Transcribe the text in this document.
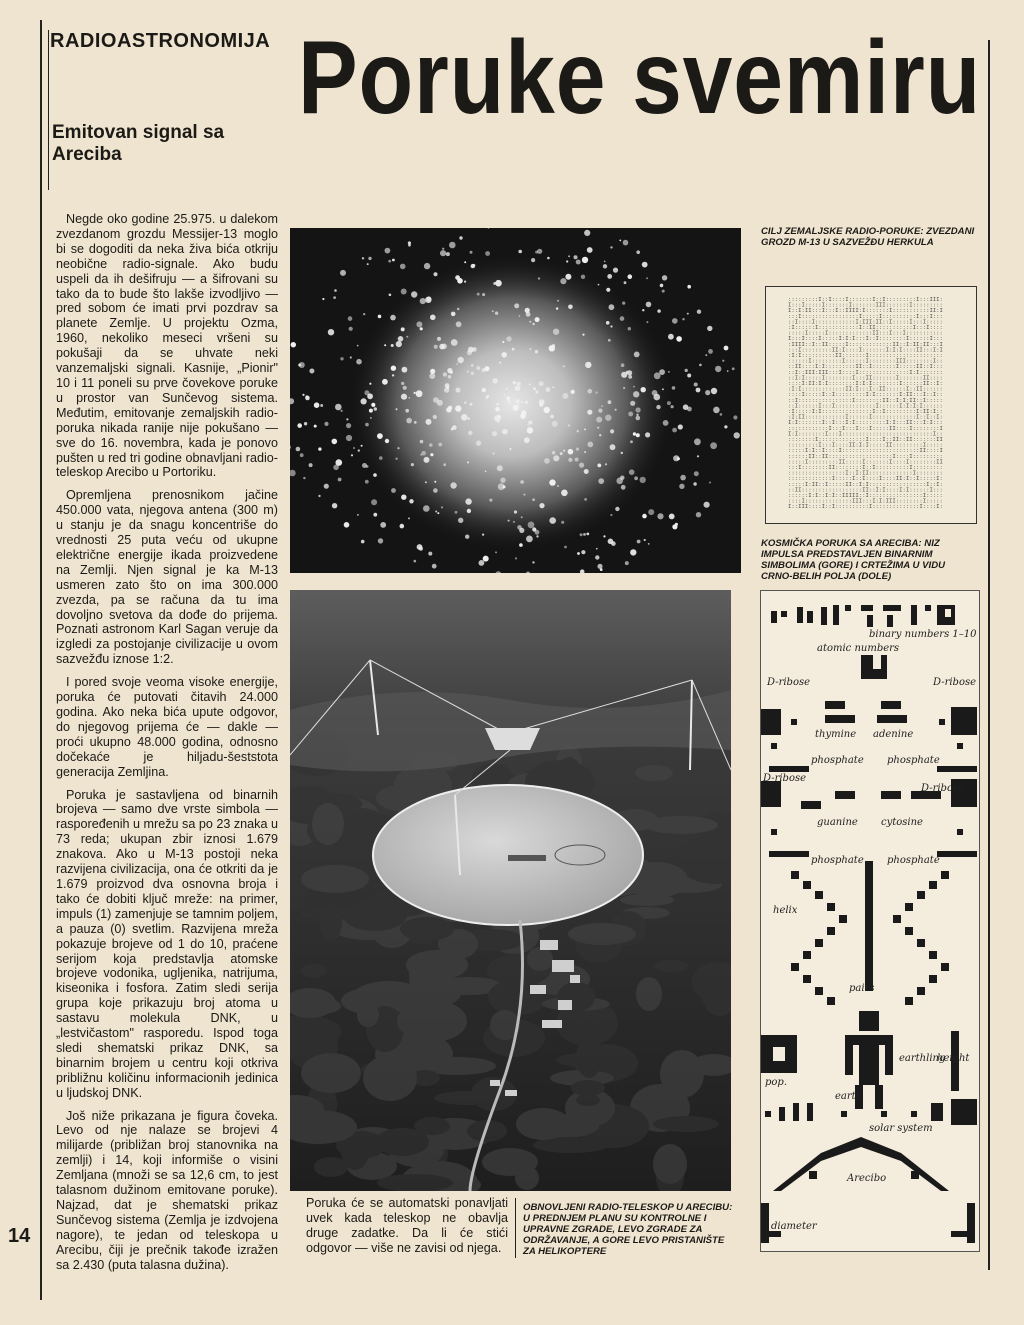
RADIOASTRONOMIJA Poruke svemiru
Emitovan signal sa Areciba

Negde oko godine 25.975. u dalekom zvezdanom grozdu Messijer-13 moglo bi se dogoditi da neka živa bića otkriju neobične radio-signale. Ako budu uspeli da ih dešifruju — a šifrovani su tako da to bude što lakše izvodljivo — pred sobom će imati prvi pozdrav sa planete Zemlje. U projektu Ozma, 1960, nekoliko meseci vršeni su pokušaji da se uhvate neki vanzemaljski signali. Kasnije, „Pionir" 10 i 11 poneli su prve čovekove poruke u prostor van Sunčevog sistema. Međutim, emitovanje zemaljskih radio-poruka nikada ranije nije pokušano — sve do 16. novembra, kada je ponovo pušten u red tri godine obnavljani radio-teleskop Arecibo u Portoriku.

Opremljena prenosnikom jačine 450.000 vata, njegova antena (300 m) u stanju je da snagu koncentriše do vrednosti 25 puta veću od ukupne električne energije ikada proizvedene na Zemlji. Njen signal je ka M-13 usmeren zato što on ima 300.000 zvezda, pa se računa da tu ima dovoljno svetova da dođe do prijema. Poznati astronom Karl Sagan veruje da izgledi za postojanje civilizacije u ovom sazvežđu iznose 1:2.

I pored svoje veoma visoke energije, poruka će putovati čitavih 24.000 godina. Ako neka bića upute odgovor, do njegovog prijema će — dakle — proći ukupno 48.000 godina, odnosno dočekaće je hiljadu-šeststota generacija Zemljina.

Poruka je sastavljena od binarnih brojeva — samo dve vrste simbola — raspoređenih u mrežu sa po 23 znaka u 73 reda; ukupan zbir iznosi 1.679 znakova. Ako u M-13 postoji neka razvijena civilizacija, ona će otkriti da je 1.679 proizvod dva osnovna broja i tako će dobiti ključ mreže: na primer, impuls (1) zamenjuje se tamnim poljem, a pauza (0) svetlim. Razvijena mreža pokazuje brojeve od 1 do 10, praćene serijom koja predstavlja atomske brojeve vodonika, ugljenika, natrijuma, kiseonika i fosfora. Zatim sledi serija grupa koje prikazuju broj atoma u sastavu molekula DNK, u „lestvičastom" rasporedu. Ispod toga sledi shematski prikaz DNK, sa binarnim brojem u centru koji otkriva približnu količinu informacionih jedinica u ljudskoj DNK.

Još niže prikazana je figura čoveka. Levo od nje nalaze se brojevi 4 milijarde (približan broj stanovnika na zemlji) i 14, koji informiše o visini Zemljana (množi se sa 12,6 cm, to jest talasnom dužinom emitovane poruke). Najzad, dat je shematski prikaz Sunčevog sistema (Zemlja je izdvojena nagore), te jedan od teleskopa u Arecibu, čiji je prečnik takođe izražen sa 2.430 (puta talasna dužina).

CILJ ZEMALJSKE RADIO-PORUKE: ZVEZDANI GROZD M-13 U SAZVEŽĐU HERKULA
:::::::::I::I::::I:::::::I::I:::::::::I:::III:
I:::I:::::I:::::::I:::::::III:::::::I:::::::::
I::I:II:::I:::I::IIII:I:::::::I:::::::::::II:I
:::I:::::::::::::::::I:::::I::::::::::I:::I:::
::I::::I::::::::::::I:III:II::I:::::I:::I:::::
:I::::::I::::::::::::I::II:::::::::::I:::I::::
:::::I:::::I:::::::::::::II:::I:::I:::::::::::
I:::I::::I:::::I:I:I:::I::I::::::::I::::::I:::
:IIII::I::II:::::I:::::::::::::II::I:II:II:::I
:::I:::::::::II:I::::I:::::::I:I:I::::II:::I:I
:I:I::::::::::II:::::::I::::::::::::::::::::::
::::::I:::::::::I::::::I::::::::III::::::::I::
::II::::I:I:::::::::II::I:::::::I:::::II::I:::
::I::III:III:::I::::I:::::::::::::::I:I:::::::
::I:I:::::I::::::::I:::II:::::::I:::::::II::::
::::I:II:I:I::::::::I:I:I::::::::I::::::II::I:
:I:I:::::::::::::II:I:::I::II::::::I::II::::::
::::I:::::I::I:::::::::I:I:::::::I:II:::I::I::
::I::::::::::::::::I::::::::II::I:I:II::I:::::
::I::::::I:::I::::::::::::I::::::I:I:I:I::::::
:I:::::I:I:::::::::::::::I::I:::::::::I:II:I::
:I:II::::::::::::I::::::I:::::::::::::I::I::I:
I:I:::::::I::I:::I:I:::::::::I:I:::II:::I:I:::
::::::::::::I:::I:::I:::I:::::II::::I::::::::I
I:I::::::::I:::I:::::::::::::::::::::::::::I::
::::::::I::::::::::::::I::::I::II::II:::::::II
:::::::::I:::I::::II:I:I:::::II:::::::::I:::::
:::::I:I::I::::I:::::::::::::::::::::::II::::I
::::::II::II:::::::::::::::::::I::::I:::::::::
:::::I:::::::::II:::::I:::::::I::::I::::::::II
:::I::::::::II::::::::I::I::::::::::I:::::::::
:::::::::::::::::I::I:II:::::::::::::I::::::::
:::::::::::::I:::::I::I::::I::::II:I::I:::::I:
:::::I:II::I:::::II::I:I:::::::::::::::::I::I:
::II::::::::::::::::::II::I:I::::I:I::::::I:::
::::::I:I::I:I::IIIII::I::::::::::::::::I:::::
::::I::::::::::::::III:::I:I:III::::::::I:::::
I::III::::I::I::::::::::I::::::::::::::I::::I:
KOSMIČKA PORUKA SA ARECIBA: NIZ IMPULSA PREDSTAVLJEN BINARNIM SIMBOLIMA (GORE) I CRTEŽIMA U VIDU CRNO-BELIH POLJA (DOLE)
binary numbers 1–10
atomic numbers
D-ribose	D-ribose
thymine adenine
phosphate phosphate
D-ribose
D-ribose
guanine cytosine
phosphate phosphate
helix
pairs
earthling
height
pop.
earth
solar system
Arecibo
diameter
Poruka će se automatski ponavljati uvek kada teleskop ne obavlja druge zadatke. Da li će stići odgovor — više ne zavisi od njega.
OBNOVLJENI RADIO-TELESKOP U ARECIBU: U PREDNJEM PLANU SU KONTROLNE I UPRAVNE ZGRADE, LEVO ZGRADE ZA ODRŽAVANJE, A GORE LEVO PRISTANIŠTE ZA HELIKOPTERE
14
